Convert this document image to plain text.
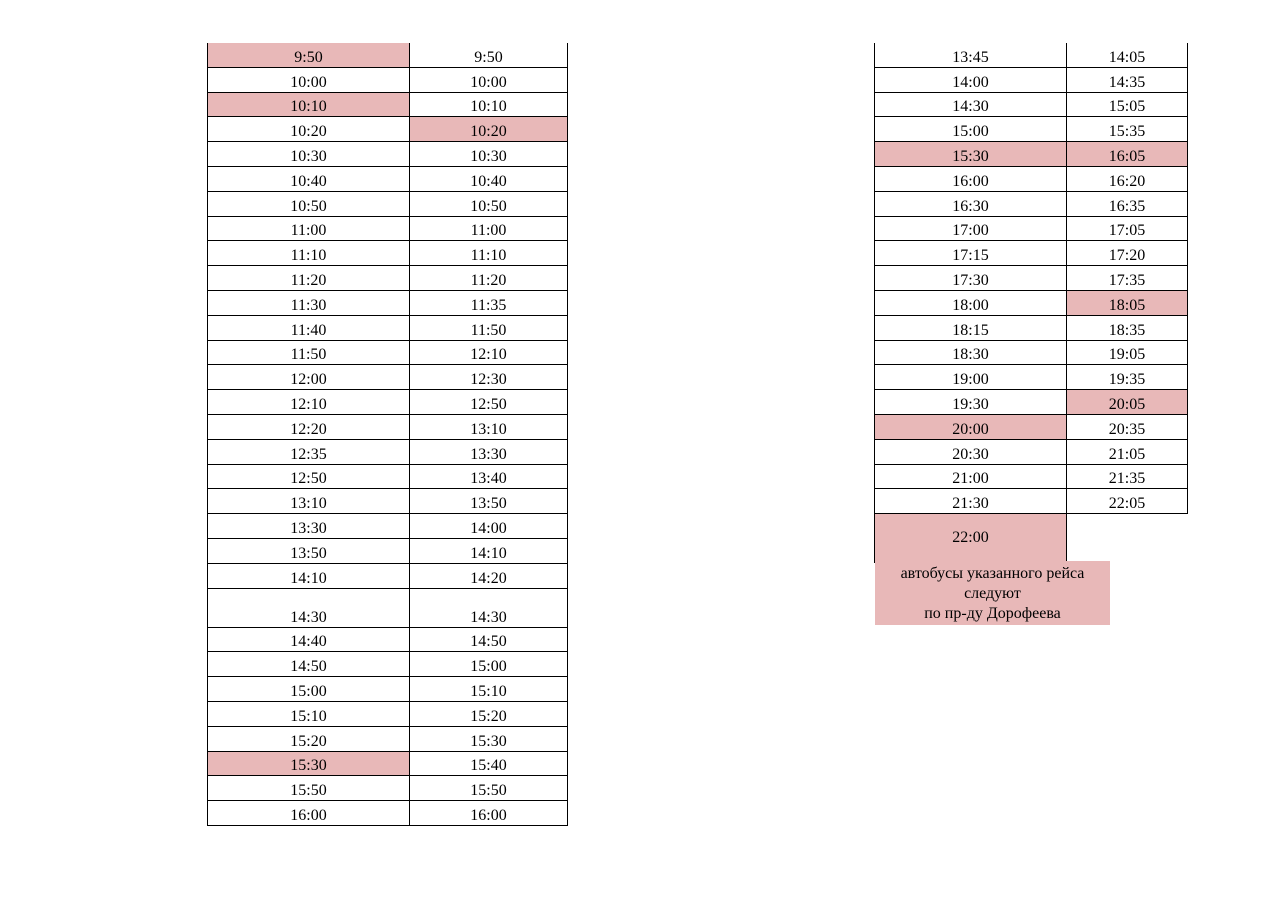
9:50	9:50
10:00	10:00
10:10	10:10
10:20	10:20
10:30	10:30
10:40	10:40
10:50	10:50
11:00	11:00
11:10	11:10
11:20	11:20
11:30	11:35
11:40	11:50
11:50	12:10
12:00	12:30
12:10	12:50
12:20	13:10
12:35	13:30
12:50	13:40
13:10	13:50
13:30	14:00
13:50	14:10
14:10	14:20
14:30	14:30
14:40	14:50
14:50	15:00
15:00	15:10
15:10	15:20
15:20	15:30
15:30	15:40
15:50	15:50
16:00	16:00
13:45	14:05
14:00	14:35
14:30	15:05
15:00	15:35
15:30	16:05
16:00	16:20
16:30	16:35
17:00	17:05
17:15	17:20
17:30	17:35
18:00	18:05
18:15	18:35
18:30	19:05
19:00	19:35
19:30	20:05
20:00	20:35
20:30	21:05
21:00	21:35
21:30	22:05
22:00	
автобусы указанного рейса
следуют
по пр-ду Дорофеева
